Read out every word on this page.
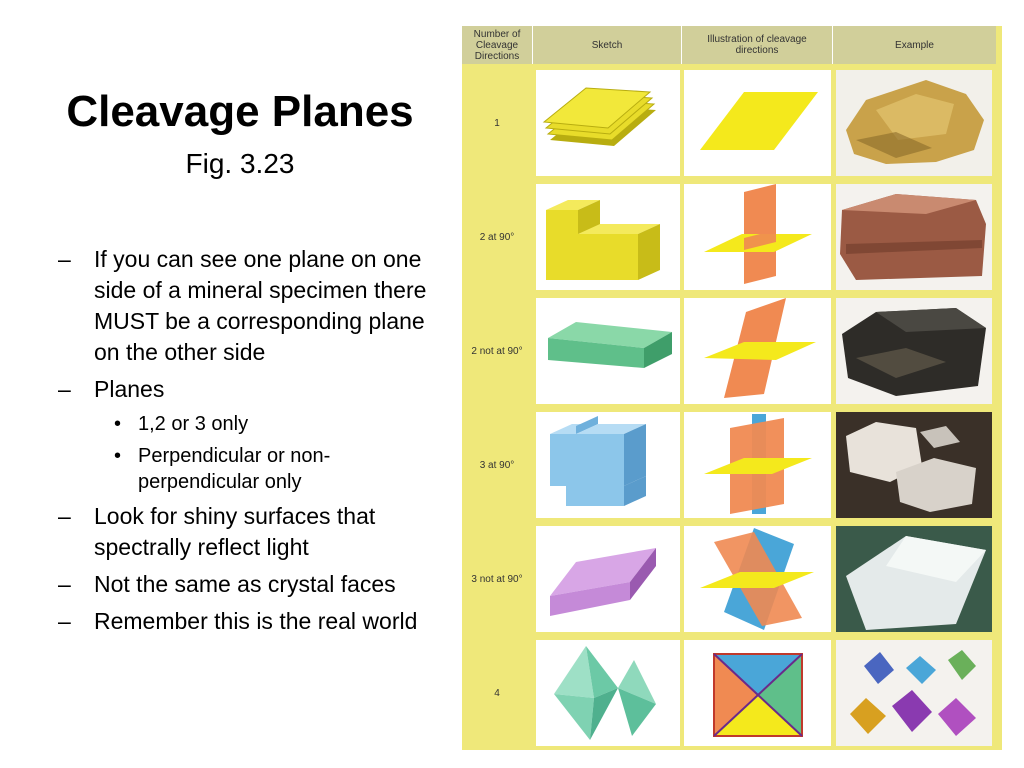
Cleavage Planes
Fig. 3.23
– If you can see one plane on one side of a mineral specimen there MUST be a corresponding plane on the other side
– Planes
• 1,2 or 3 only
• Perpendicular or non-perpendicular only
– Look for shiny surfaces that spectrally reflect light
– Not the same as crystal faces
– Remember this is the real world
Number of Cleavage Directions
Sketch	Illustration of cleavage directions	Example
1
2 at 90°
2 not at 90°
3 at 90°
3 not at 90°
4
